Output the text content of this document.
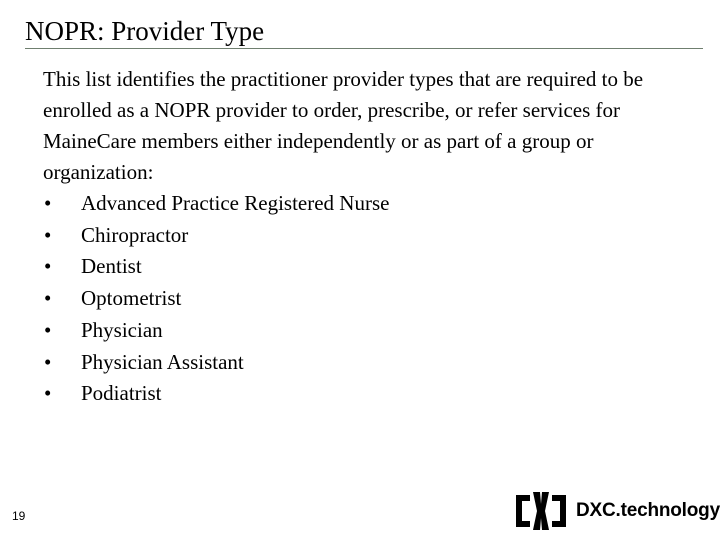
NOPR: Provider Type

This list identifies the practitioner provider types that are required to be enrolled as a NOPR provider to order, prescribe, or refer services for MaineCare members either independently or as part of a group or organization:

•	Advanced Practice Registered Nurse
•	Chiropractor
•	Dentist
•	Optometrist
•	Physician
•	Physician Assistant
•	Podiatrist
19	DXC.technology
